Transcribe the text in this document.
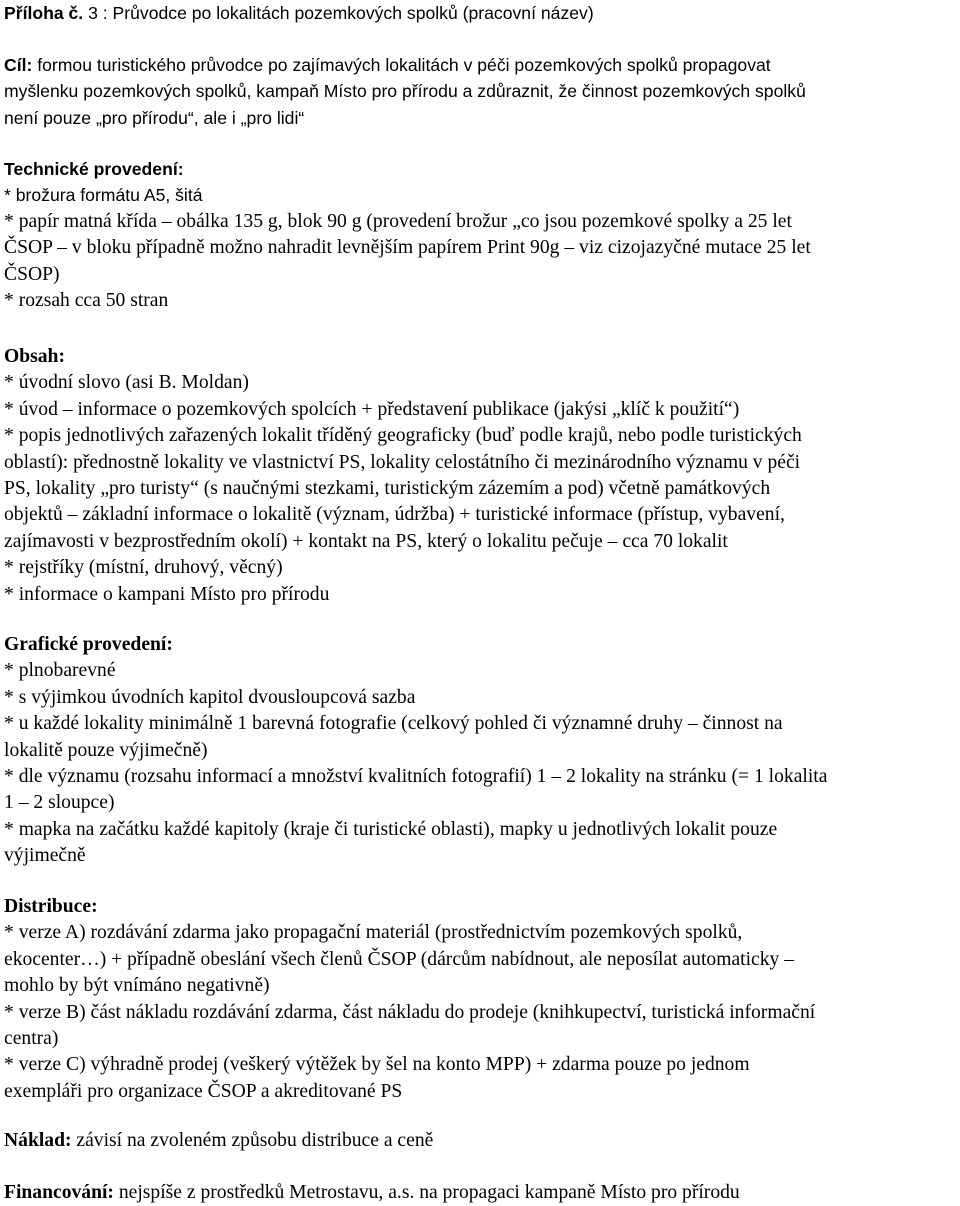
Příloha č. 3 : Průvodce po lokalitách pozemkových spolků (pracovní název)
Cíl: formou turistického průvodce po zajímavých lokalitách v péči pozemkových spolků propagovat
myšlenku pozemkových spolků, kampaň Místo pro přírodu a zdůraznit, že činnost pozemkových spolků
není pouze „pro přírodu“, ale i „pro lidi“
Technické provedení:
* brožura formátu A5, šitá
* papír matná křída – obálka 135 g, blok 90 g (provedení brožur „co jsou pozemkové spolky a 25 let
ČSOP – v bloku případně možno nahradit levnějším papírem Print 90g – viz cizojazyčné mutace 25 let
ČSOP)
* rozsah cca 50 stran
Obsah:
* úvodní slovo (asi B. Moldan)
* úvod – informace o pozemkových spolcích + představení publikace (jakýsi „klíč k použití“)
* popis jednotlivých zařazených lokalit tříděný geograficky (buď podle krajů, nebo podle turistických
oblastí): přednostně lokality ve vlastnictví PS, lokality celostátního či mezinárodního významu v péči
PS, lokality „pro turisty“ (s naučnými stezkami, turistickým zázemím a pod) včetně památkových
objektů – základní informace o lokalitě (význam, údržba) + turistické informace (přístup, vybavení,
zajímavosti v bezprostředním okolí) + kontakt na PS, který o lokalitu pečuje – cca 70 lokalit
* rejstříky (místní, druhový, věcný)
* informace o kampani Místo pro přírodu
Grafické provedení:
* plnobarevné
* s výjimkou úvodních kapitol dvousloupcová sazba
* u každé lokality minimálně 1 barevná fotografie (celkový pohled či významné druhy – činnost na
lokalitě pouze výjimečně)
* dle významu (rozsahu informací a množství kvalitních fotografií) 1 – 2 lokality na stránku (= 1 lokalita
1 – 2 sloupce)
* mapka na začátku každé kapitoly (kraje či turistické oblasti), mapky u jednotlivých lokalit pouze
výjimečně
Distribuce:
* verze A) rozdávání zdarma jako propagační materiál (prostřednictvím pozemkových spolků,
ekocenter…) + případně obeslání všech členů ČSOP (dárcům nabídnout, ale neposílat automaticky –
mohlo by být vnímáno negativně)
* verze B) část nákladu rozdávání zdarma, část nákladu do prodeje (knihkupectví, turistická informační
centra)
* verze C) výhradně prodej (veškerý výtěžek by šel na konto MPP) + zdarma pouze po jednom
exempláři pro organizace ČSOP a akreditované PS
Náklad: závisí na zvoleném způsobu distribuce a ceně
Financování: nejspíše z prostředků Metrostavu, a.s. na propagaci kampaně Místo pro přírodu
